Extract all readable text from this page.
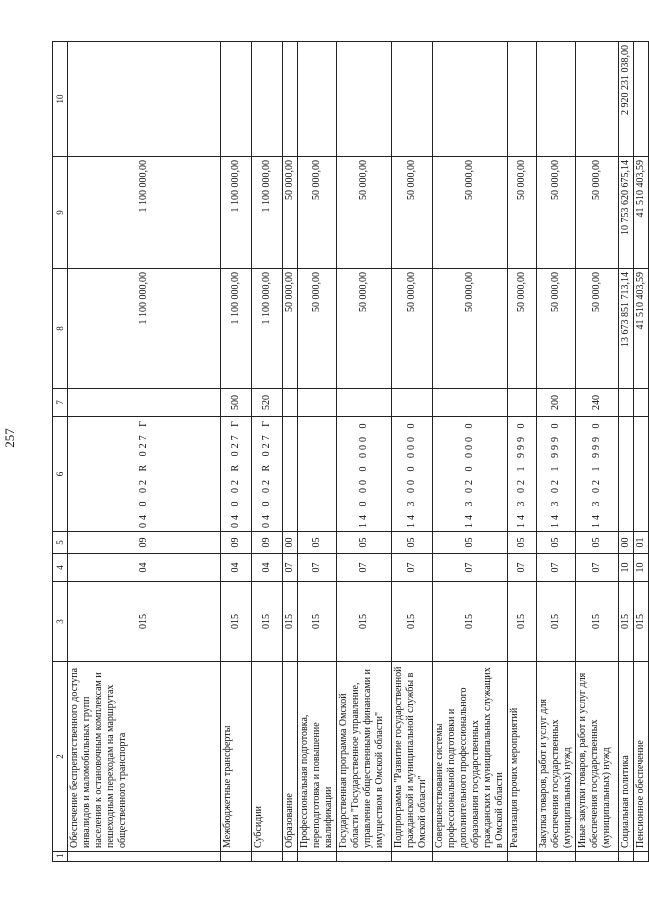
257
1	2	3	4	5	6	7	8	9	10
	Обеспечение беспрепятственного доступа инвалидов и маломобильных групп населения к остановочным комплексам и пешеходным переходам на маршрутах общественного транспорта	015	04	09	04 0 02 R 027 Г		1 100 000,00	1 100 000,00	
	Межбюджетные трансферты	015	04	09	04 0 02 R 027 Г	500	1 100 000,00	1 100 000,00	
	Субсидии	015	04	09	04 0 02 R 027 Г	520	1 100 000,00	1 100 000,00	
	Образование	015	07	00			50 000,00	50 000,00	
	Профессиональная подготовка, переподготовка и повышение квалификации	015	07	05			50 000,00	50 000,00	
	Государственная программа Омской области "Государственное управление, управление общественными финансами и имуществом в Омской области"	015	07	05	14 0 00 0 000 0		50 000,00	50 000,00	
	Подпрограмма "Развитие государственной гражданской и муниципальной службы в Омской области"	015	07	05	14 3 00 0 000 0		50 000,00	50 000,00	
	Совершенствование системы профессиональной подготовки и дополнительного профессионального образования государственных гражданских и муниципальных служащих в Омской области	015	07	05	14 3 02 0 000 0		50 000,00	50 000,00	
	Реализация прочих мероприятий	015	07	05	14 3 02 1 999 0		50 000,00	50 000,00	
	Закупка товаров, работ и услуг для обеспечения государственных (муниципальных) нужд	015	07	05	14 3 02 1 999 0	200	50 000,00	50 000,00	
	Иные закупки товаров, работ и услуг для обеспечения государственных (муниципальных) нужд	015	07	05	14 3 02 1 999 0	240	50 000,00	50 000,00	
	Социальная политика	015	10	00			13 673 851 713,14	10 753 620 675,14	2 920 231 038,00
	Пенсионное обеспечение	015	10	01			41 510 403,59	41 510 403,59	
